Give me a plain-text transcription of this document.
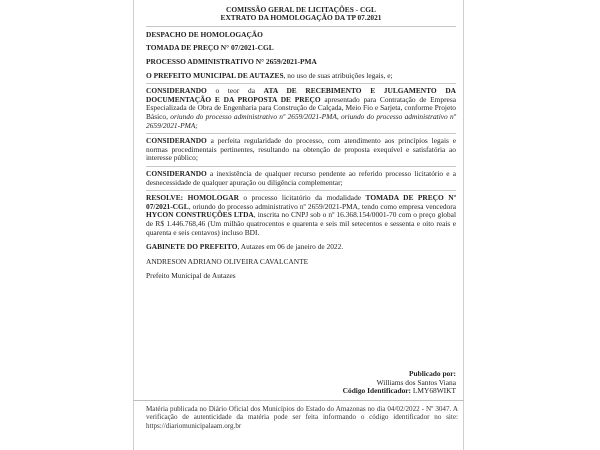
COMISSÃO GERAL DE LICITAÇÕES - CGL
EXTRATO DA HOMOLOGAÇÃO DA TP 07.2021

DESPACHO DE HOMOLOGAÇÃO

TOMADA DE PREÇO N° 07/2021-CGL

PROCESSO ADMINISTRATIVO N° 2659/2021-PMA

O PREFEITO MUNICIPAL DE AUTAZES, no uso de suas atribuições legais, e;

CONSIDERANDO o teor da ATA DE RECEBIMENTO E JULGAMENTO DA DOCUMENTAÇÃO E DA PROPOSTA DE PREÇO apresentado para Contratação de Empresa Especializada de Obra de Engenharia para Construção de Calçada, Meio Fio e Sarjeta, conforme Projeto Básico, oriundo do processo administrativo nº 2659/2021-PMA, oriundo do processo administrativo nº 2659/2021-PMA;

CONSIDERANDO a perfeita regularidade do processo, com atendimento aos princípios legais e normas procedimentais pertinentes, resultando na obtenção de proposta exequível e satisfatória ao interesse público;

CONSIDERANDO a inexistência de qualquer recurso pendente ao referido processo licitatório e a desnecessidade de qualquer apuração ou diligência complementar;

RESOLVE: HOMOLOGAR o processo licitatório da modalidade TOMADA DE PREÇO Nº 07/2021-CGL, oriundo do processo administrativo nº 2659/2021-PMA, tendo como empresa vencedora HYCON CONSTRUÇÕES LTDA, inscrita no CNPJ sob o nº 16.368.154/0001-70 com o preço global de R$ 1.446.768,46 (Um milhão quatrocentos e quarenta e seis mil setecentos e sessenta e oito reais e quarenta e seis centavos) incluso BDI.

GABINETE DO PREFEITO, Autazes em 06 de janeiro de 2022.

ANDRESON ADRIANO OLIVEIRA CAVALCANTE

Prefeito Municipal de Autazes

Publicado por:
Williams dos Santos Viana
Código Identificador: LMY68WIKT
Matéria publicada no Diário Oficial dos Municípios do Estado do Amazonas no dia 04/02/2022 - Nº 3047. A verificação de autenticidade da matéria pode ser feita informando o código identificador no site: https://diariomunicipalaam.org.br
